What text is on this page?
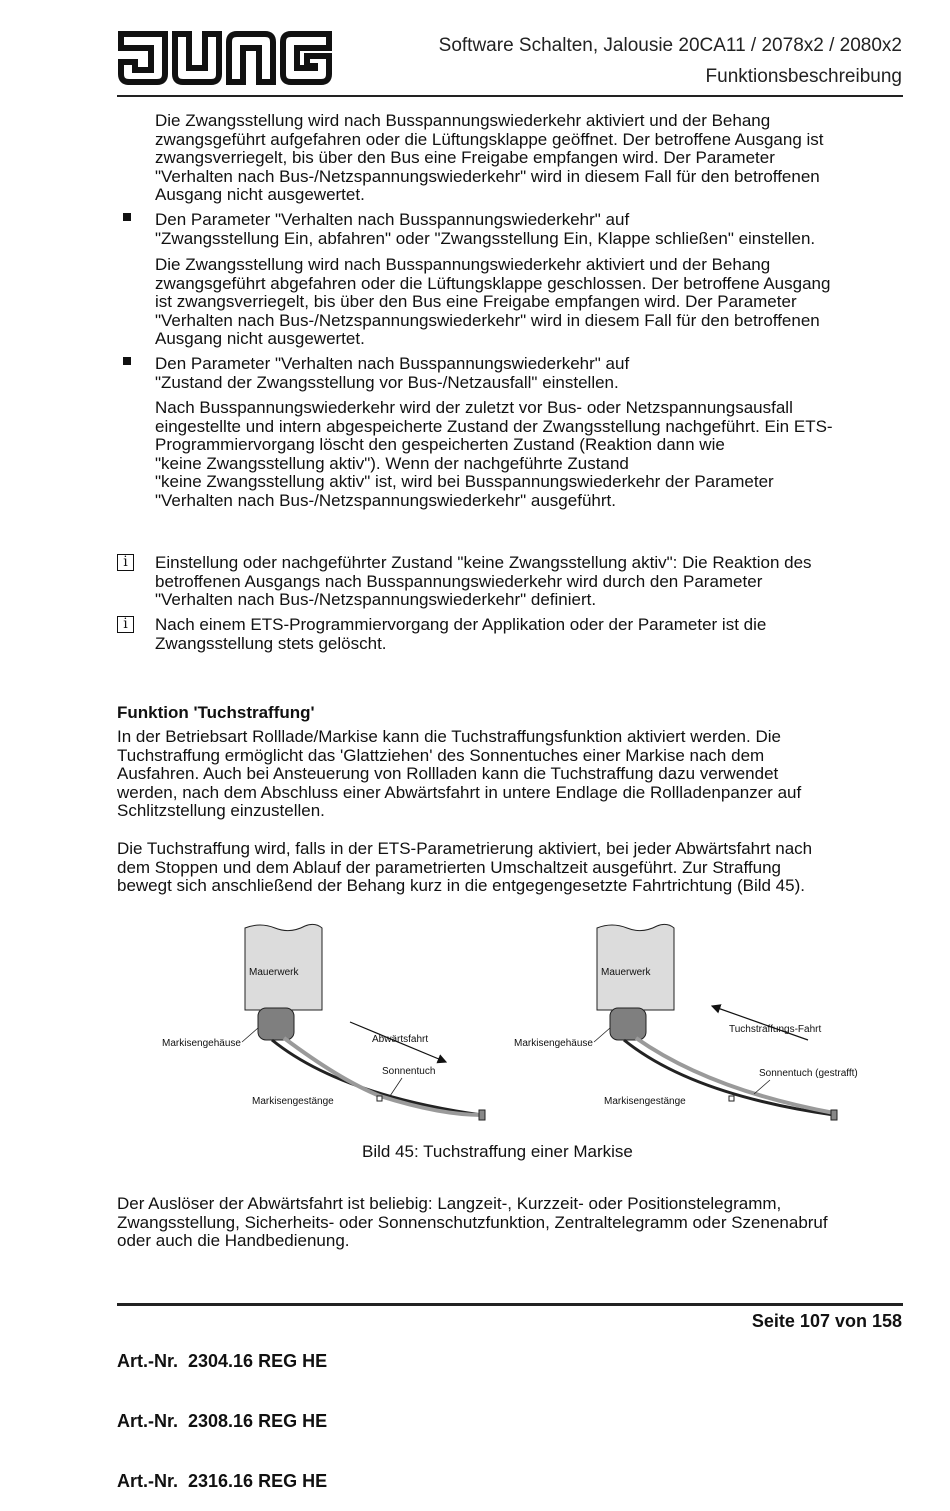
Software Schalten, Jalousie 20CA11 / 2078x2 / 2080x2
Funktionsbeschreibung
Die Zwangsstellung wird nach Busspannungswiederkehr aktiviert und der Behang
zwangsgeführt aufgefahren oder die Lüftungsklappe geöffnet. Der betroffene Ausgang ist
zwangsverriegelt, bis über den Bus eine Freigabe empfangen wird. Der Parameter
"Verhalten nach Bus-/Netzspannungswiederkehr" wird in diesem Fall für den betroffenen
Ausgang nicht ausgewertet.
Den Parameter "Verhalten nach Busspannungswiederkehr" auf
"Zwangsstellung Ein, abfahren" oder "Zwangsstellung Ein, Klappe schließen" einstellen.
Die Zwangsstellung wird nach Busspannungswiederkehr aktiviert und der Behang
zwangsgeführt abgefahren oder die Lüftungsklappe geschlossen. Der betroffene Ausgang
ist zwangsverriegelt, bis über den Bus eine Freigabe empfangen wird. Der Parameter
"Verhalten nach Bus-/Netzspannungswiederkehr" wird in diesem Fall für den betroffenen
Ausgang nicht ausgewertet.
Den Parameter "Verhalten nach Busspannungswiederkehr" auf
"Zustand der Zwangsstellung vor Bus-/Netzausfall" einstellen.
Nach Busspannungswiederkehr wird der zuletzt vor Bus- oder Netzspannungsausfall
eingestellte und intern abgespeicherte Zustand der Zwangsstellung nachgeführt. Ein ETS-
Programmiervorgang löscht den gespeicherten Zustand (Reaktion dann wie
"keine Zwangsstellung aktiv"). Wenn der nachgeführte Zustand
"keine Zwangsstellung aktiv" ist, wird bei Busspannungswiederkehr der Parameter
"Verhalten nach Bus-/Netzspannungswiederkehr" ausgeführt.
i	Einstellung oder nachgeführter Zustand "keine Zwangsstellung aktiv": Die Reaktion des
betroffenen Ausgangs nach Busspannungswiederkehr wird durch den Parameter
"Verhalten nach Bus-/Netzspannungswiederkehr" definiert.
i	Nach einem ETS-Programmiervorgang der Applikation oder der Parameter ist die
Zwangsstellung stets gelöscht.
Funktion 'Tuchstraffung'
In der Betriebsart Rolllade/Markise kann die Tuchstraffungsfunktion aktiviert werden. Die
Tuchstraffung ermöglicht das 'Glattziehen' des Sonnentuches einer Markise nach dem
Ausfahren. Auch bei Ansteuerung von Rollladen kann die Tuchstraffung dazu verwendet
werden, nach dem Abschluss einer Abwärtsfahrt in untere Endlage die Rollladenpanzer auf
Schlitzstellung einzustellen.
Die Tuchstraffung wird, falls in der ETS-Parametrierung aktiviert, bei jeder Abwärtsfahrt nach
dem Stoppen und dem Ablauf der parametrierten Umschaltzeit ausgeführt. Zur Straffung
bewegt sich anschließend der Behang kurz in die entgegengesetzte Fahrtrichtung (Bild 45).
Mauerwerk
Markisengehäuse	Abwärtsfahrt
Sonnentuch
Markisengestänge
Mauerwerk
Markisengehäuse
Tuchstraffungs-Fahrt
Sonnentuch (gestrafft)
Markisengestänge
Bild 45: Tuchstraffung einer Markise
Der Auslöser der Abwärtsfahrt ist beliebig: Langzeit-, Kurzzeit- oder Positionstelegramm,
Zwangsstellung, Sicherheits- oder Sonnenschutzfunktion, Zentraltelegramm oder Szenenabruf
oder auch die Handbedienung.

Art.-Nr.  2304.16 REG HE

Art.-Nr.  2308.16 REG HE

Art.-Nr.  2316.16 REG HE

Seite 107 von 158
